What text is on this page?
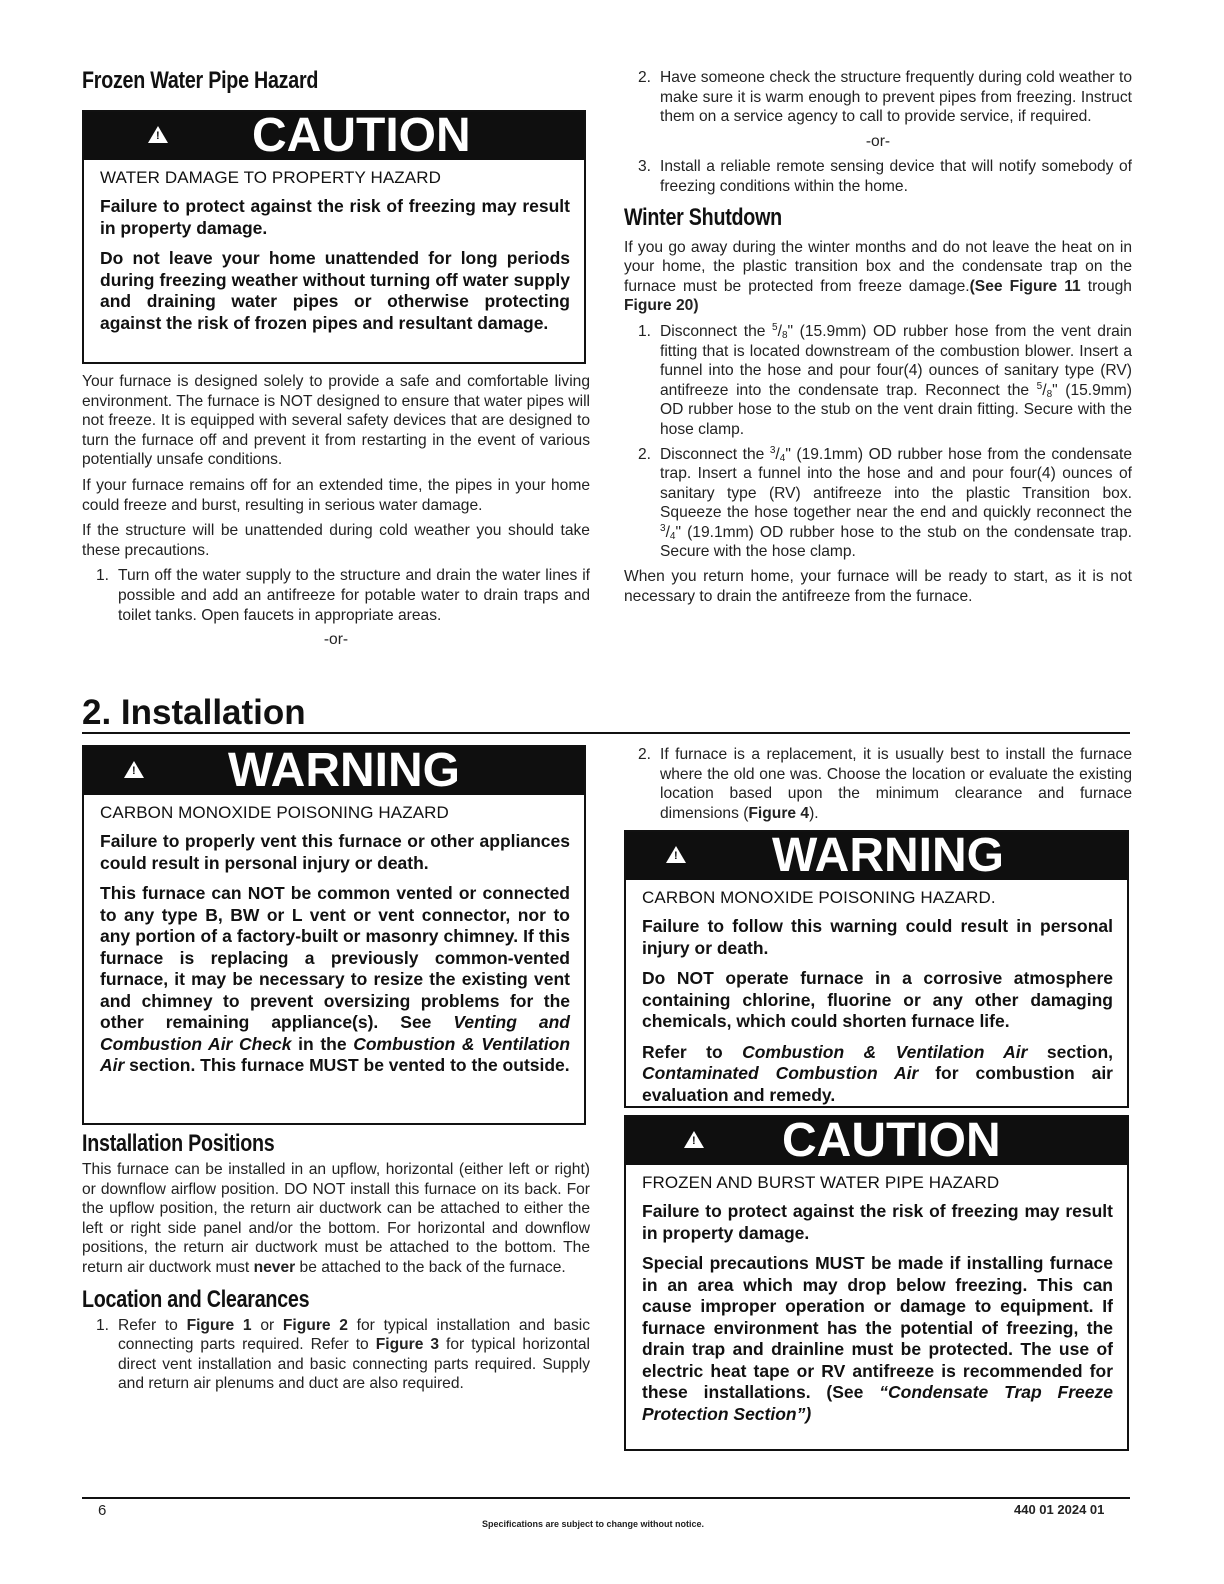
Frozen Water Pipe Hazard
! CAUTION
WATER DAMAGE TO PROPERTY HAZARD
Failure to protect against the risk of freezing may result in property damage.
Do not leave your home unattended for long periods during freezing weather without turning off water supply and draining water pipes or otherwise protecting against the risk of frozen pipes and resultant damage.

Your furnace is designed solely to provide a safe and comfortable living environment. The furnace is NOT designed to ensure that water pipes will not freeze. It is equipped with several safety devices that are designed to turn the furnace off and prevent it from restarting in the event of various potentially unsafe conditions.

If your furnace remains off for an extended time, the pipes in your home could freeze and burst, resulting in serious water damage.

If the structure will be unattended during cold weather you should take these precautions.

1. Turn off the water supply to the structure and drain the water lines if possible and add an antifreeze for potable water to drain traps and toilet tanks. Open faucets in appropriate areas.
-or-
2. Have someone check the structure frequently during cold weather to make sure it is warm enough to prevent pipes from freezing. Instruct them on a service agency to call to provide service, if required.
-or-
3. Install a reliable remote sensing device that will notify somebody of freezing conditions within the home.
Winter Shutdown

If you go away during the winter months and do not leave the heat on in your home, the plastic transition box and the condensate trap on the furnace must be protected from freeze damage.(See Figure 11 trough Figure 20)

1. Disconnect the $^5/_8$" (15.9mm) OD rubber hose from the vent drain fitting that is located downstream of the combustion blower. Insert a funnel into the hose and pour four(4) ounces of sanitary type (RV) antifreeze into the condensate trap. Reconnect the $^5/_8$" (15.9mm) OD rubber hose to the stub on the vent drain fitting. Secure with the hose clamp.
2. Disconnect the $^3/_4$" (19.1mm) OD rubber hose from the condensate trap. Insert a funnel into the hose and and pour four(4) ounces of sanitary type (RV) antifreeze into the plastic Transition box. Squeeze the hose together near the end and quickly reconnect the $^3/_4$" (19.1mm) OD rubber hose to the stub on the condensate trap. Secure with the hose clamp.

When you return home, your furnace will be ready to start, as it is not necessary to drain the antifreeze from the furnace.

2. Installation
! WARNING
CARBON MONOXIDE POISONING HAZARD
Failure to properly vent this furnace or other appliances could result in personal injury or death.
This furnace can NOT be common vented or connected to any type B, BW or L vent or vent connector, nor to any portion of a factory-built or masonry chimney. If this furnace is replacing a previously common-vented furnace, it may be necessary to resize the existing vent and chimney to prevent oversizing problems for the other remaining appliance(s). See Venting and Combustion Air Check in the Combustion & Ventilation Air section. This furnace MUST be vented to the outside.
Installation Positions

This furnace can be installed in an upflow, horizontal (either left or right) or downflow airflow position. DO NOT install this furnace on its back. For the upflow position, the return air ductwork can be attached to either the left or right side panel and/or the bottom. For horizontal and downflow positions, the return air ductwork must be attached to the bottom. The return air ductwork must never be attached to the back of the furnace.

Location and Clearances
1. Refer to Figure 1 or Figure 2 for typical installation and basic connecting parts required. Refer to Figure 3 for typical horizontal direct vent installation and basic connecting parts required. Supply and return air plenums and duct are also required.
2. If furnace is a replacement, it is usually best to install the furnace where the old one was. Choose the location or evaluate the existing location based upon the minimum clearance and furnace dimensions (Figure 4).
! WARNING
CARBON MONOXIDE POISONING HAZARD.
Failure to follow this warning could result in personal injury or death.
Do NOT operate furnace in a corrosive atmosphere containing chlorine, fluorine or any other damaging chemicals, which could shorten furnace life.
Refer to Combustion & Ventilation Air section, Contaminated Combustion Air for combustion air evaluation and remedy.
! CAUTION
FROZEN AND BURST WATER PIPE HAZARD
Failure to protect against the risk of freezing may result in property damage.
Special precautions MUST be made if installing furnace in an area which may drop below freezing. This can cause improper operation or damage to equipment. If furnace environment has the potential of freezing, the drain trap and drainline must be protected. The use of electric heat tape or RV antifreeze is recommended for these installations. (See “Condensate Trap Freeze Protection Section”)
6
Specifications are subject to change without notice.
440 01 2024 01
